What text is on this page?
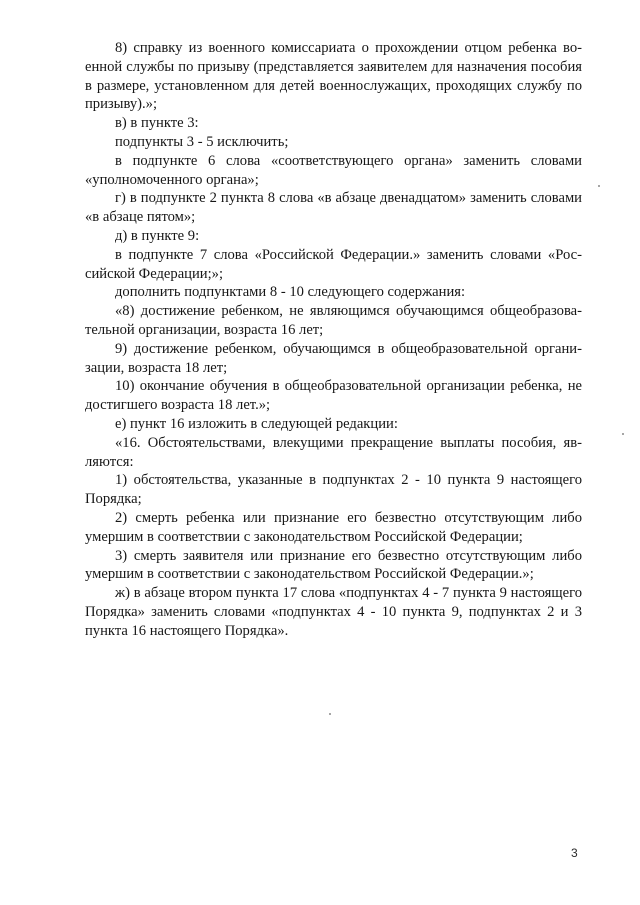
8) справку из военного комиссариата о прохождении отцом ребенка военной службы по призыву (представляется заявителем для назначения пособия в размере, установленном для детей военнослужащих, проходящих службу по призыву).»;

в) в пункте 3:

подпункты 3 - 5 исключить;

в подпункте 6 слова «соответствующего органа» заменить словами «уполномоченного органа»;

г) в подпункте 2 пункта 8 слова «в абзаце двенадцатом» заменить словами «в абзаце пятом»;

д) в пункте 9:

в подпункте 7 слова «Российской Федерации.» заменить словами «Российской Федерации;»;

дополнить подпунктами 8 - 10 следующего содержания:

«8) достижение ребенком, не являющимся обучающимся общеобразовательной организации, возраста 16 лет;

9) достижение ребенком, обучающимся в общеобразовательной организации, возраста 18 лет;

10) окончание обучения в общеобразовательной организации ребенка, не достигшего возраста 18 лет.»;

е) пункт 16 изложить в следующей редакции:

«16. Обстоятельствами, влекущими прекращение выплаты пособия, являются:

1) обстоятельства, указанные в подпунктах 2 - 10 пункта 9 настоящего Порядка;

2) смерть ребенка или признание его безвестно отсутствующим либо умершим в соответствии с законодательством Российской Федерации;

3) смерть заявителя или признание его безвестно отсутствующим либо умершим в соответствии с законодательством Российской Федерации.»;

ж) в абзаце втором пункта 17 слова «подпунктах 4 - 7 пункта 9 настоящего Порядка» заменить словами «подпунктах 4 - 10 пункта 9, подпунктах 2 и 3 пункта 16 настоящего Порядка».

3
